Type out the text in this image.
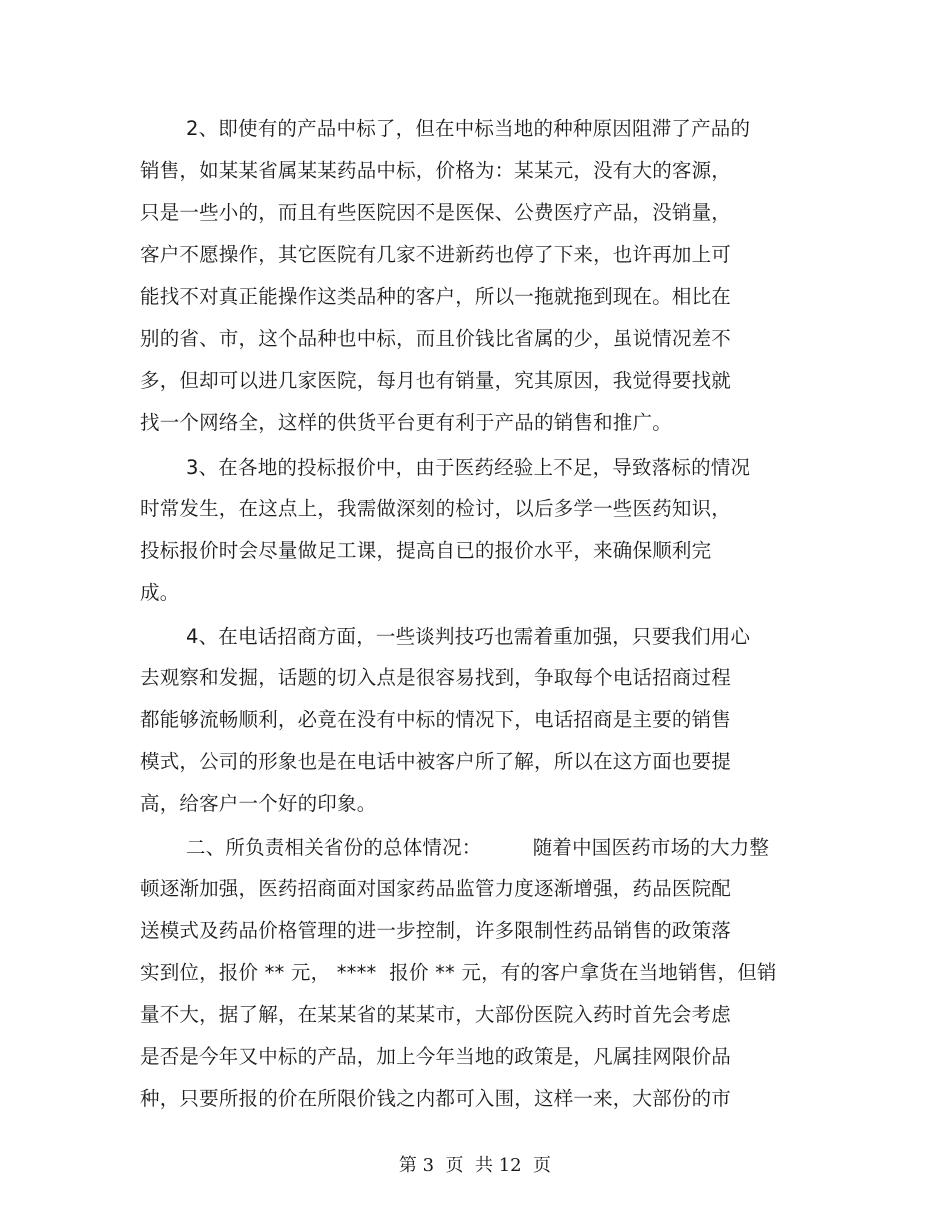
2、即使有的产品中标了，但在中标当地的种种原因阻滞了产品的
销售，如某某省属某某药品中标，价格为：某某元，没有大的客源，
只是一些小的，而且有些医院因不是医保、公费医疗产品，没销量，
客户不愿操作，其它医院有几家不进新药也停了下来，也许再加上可
能找不对真正能操作这类品种的客户，所以一拖就拖到现在。相比在
别的省、市，这个品种也中标，而且价钱比省属的少，虽说情况差不
多，但却可以进几家医院，每月也有销量，究其原因，我觉得要找就
找一个网络全，这样的供货平台更有利于产品的销售和推广。
3、在各地的投标报价中，由于医药经验上不足，导致落标的情况
时常发生，在这点上，我需做深刻的检讨，以后多学一些医药知识，
投标报价时会尽量做足工课，提高自已的报价水平，来确保顺利完
成。
4、在电话招商方面，一些谈判技巧也需着重加强，只要我们用心
去观察和发掘，话题的切入点是很容易找到，争取每个电话招商过程
都能够流畅顺利，必竟在没有中标的情况下，电话招商是主要的销售
模式，公司的形象也是在电话中被客户所了解，所以在这方面也要提
高，给客户一个好的印象。
二、所负责相关省份的总体情况：        随着中国医药市场的大力整
顿逐渐加强，医药招商面对国家药品监管力度逐渐增强，药品医院配
送模式及药品价格管理的进一步控制，许多限制性药品销售的政策落
实到位，报价 ** 元， ****  报价 ** 元，有的客户拿货在当地销售，但销
量不大，据了解，在某某省的某某市，大部份医院入药时首先会考虑
是否是今年又中标的产品，加上今年当地的政策是，凡属挂网限价品
种，只要所报的价在所限价钱之内都可入围，这样一来，大部份的市
第 3  页  共 12  页
